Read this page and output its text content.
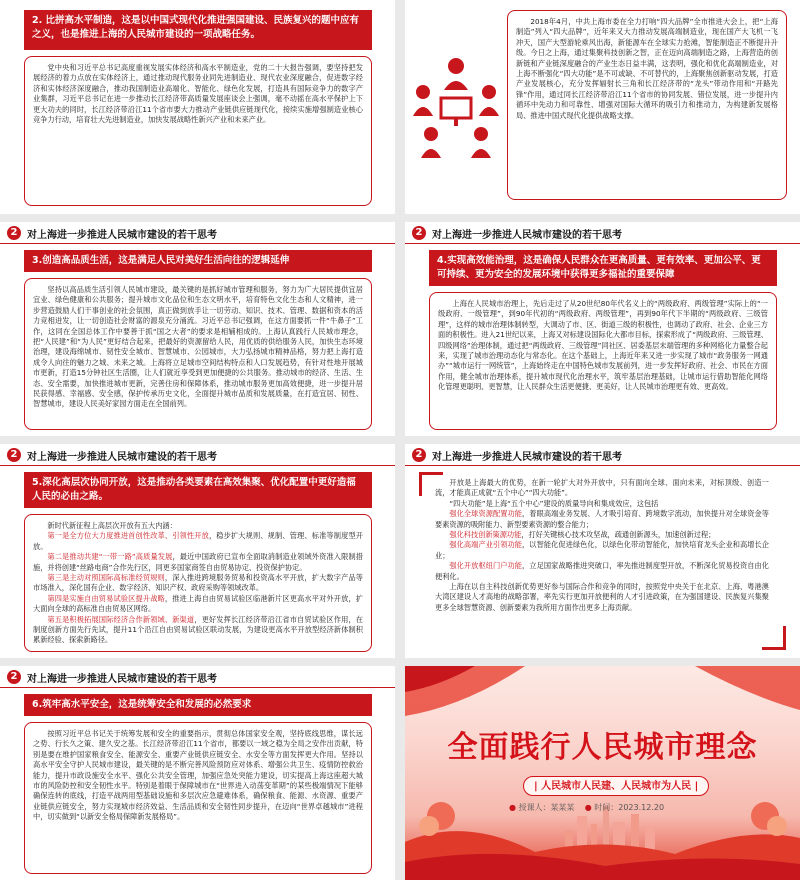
2. 比拼高水平制造，这是以中国式现代化推进强国建设、民族复兴的题中应有之义，也是推进上海的人民城市建设的一项战略任务。

党中央和习近平总书记高度重视发展实体经济和高水平制造业，党的二十大报告强调，要坚持把发展经济的着力点放在实体经济上，通过推动现代服务业同先进制造业、现代农业深度融合，促进数字经济和实体经济深度融合，推动我国制造业高端化、智能化、绿色化发展，打造具有国际竞争力的数字产业集群，习近平总书记在进一步推动长江经济带高质量发展座谈会上强调，毫不动摇在高水平保护上下更大功夫的同时，长江经济带沿江11个省市要大力推动产业链供应链现代化，接续实施增强制造业核心竞争力行动，培育壮大先进制造业，加快发展战略性新兴产业和未来产业。

2018年4月，中共上海市委在全力打响“四大品牌”全市推进大会上，把“上海制造”列入“四大品牌”，近年来又大力推动发展高端制造业，现在国产大飞机一飞冲天，国产大型游轮乘风出海，新能源车在全球实力抢滩，智能制造正不断提升升级。今日之上海，通过集聚科技创新之智，正在迈向高端制造之路，上海营造的创新链和产业链深度融合的产业生态日益丰满，这表明，强化和优化高端制造业，对上海不断强化“四大功能”是不可或缺、不可替代的，上海聚焦创新驱动发展，打造产业发展核心，充分发挥辐射长三角和长江经济带的“龙头”带动作用和“开路先锋”作用，通过同长江经济带沿江11个省市的协同发展、错位发展，进一步提升内循环中先动力和可靠性、增强对国际大循环的吸引力和推动力，为构建新发展格局、推进中国式现代化提供战略支撑。

2 对上海进一步推进人民城市建设的若干思考
3.创造高品质生活，这是满足人民对美好生活向往的逻辑延伸

坚持以高品质生活引领人民城市建设，最关键的是抓好城市管理和服务，努力为广大居民提供宜居宜业、绿色健康和公共服务；提升城市文化品位和生态文明水平，培育特色文化生态和人文精神，进一步营造鼓励人们干事创业的社会氛围，真正做到放手让一切劳动、知识、技术、管理、数据和资本的活力竞相迸发，让一切创造社会财富的源泉充分涌流。习近平总书记强调，在这方面要抓一件“牛鼻子”工作，这同在全国总体工作中要善于抓“国之大者”的要求是相辅相成的。上海认真践行人民城市理念，把“人民建”和“为人民”更好结合起来，把最好的资源留给人民，用优质的供给服务人民，加快生态环境治理，建设海绵城市、韧性安全城市、智慧城市、公园城市，大力弘扬城市精神品格，努力把上海打造成令人向往的魅力之城、未来之城。上海将立足城市空间结构特点和人口发展趋势，有针对性地开展城市更新，打造15分钟社区生活圈，让人们就近享受到更加便捷的公共服务。推动城市的经济、生活、生态、安全需要，加快推进城市更新，完善住房和保障体系，推动城市服务更加高效便捷，进一步提升居民获得感、幸福感、安全感，保护传承历史文化，全面提升城市品质和发展质量，在打造宜居、韧性、智慧城市，建设人民美好家园方面走在全国前列。

2 对上海进一步推进人民城市建设的若干思考
4.实现高效能治理，这是确保人民群众在更高质量、更有效率、更加公平、更可持续、更为安全的发展环境中获得更多福祉的重要保障

上海在人民城市治理上，先后走过了从20世纪80年代名义上的“两级政府、两级管理”实际上的“一级政府、一级管理”，到90年代初的“两级政府、两级管理”，再到90年代下半期的“两级政府、三级管理”，这样的城市治理体制转型，大调动了市、区、街道三级的积极性，也调动了政府、社会、企业三方面的积极性。进入21世纪以来，上海又对标建设国际化大都市目标，探索形成了“两级政府、三级管理、四级网络”治理体制，通过把“两级政府、三级管理”同社区、居委基层末端管理的多种网格化力量整合起来，实现了城市治理动态化与常态化。在这个基础上，上海近年来又进一步实现了城市“政务服务一网通办”“城市运行一网统管”，上海始终走在中国特色城市发展前列，进一步发挥好政府、社会、市民在方面作用，健全城市治理体系，提升城市现代化治理水平，筑牢基层治理基础，让城市运行借助智能化网络化管理更聪明、更智慧，让人民群众生活更便捷、更美好，让人民城市治理更有效、更高效。

2 对上海进一步推进人民城市建设的若干思考
5.深化高层次协同开放，这是推动各类要素在高效集聚、优化配置中更好造福人民的必由之路。

新时代新征程上高层次开放有五大内涵：

第一是全方位大力度推进首创性改革、引领性开放，稳步扩大规则、规制、管理、标准等制度型开放。

第二是推动共建“一带一路”高质量发展，最近中国政府已宣布全面取消制造业领域外资准入限制措施，并将创建“丝路电商”合作先行区，同更多国家商签自由贸易协定、投资保护协定。

第三是主动对照国际高标准经贸规则，深入推进跨境服务贸易和投资高水平开放，扩大数字产品等市场准入，深化国有企业、数字经济、知识产权、政府采购等领域改革。

第四是实施自由贸易试验区提升战略，推进上海自由贸易试验区临港新片区更高水平对外开放，扩大面向全球的高标准自由贸易区网络。

第五是积极拓展国际经济合作新领域、新渠道，更好发挥长江经济带沿江省市自贸试验区作用，在制度创新方面先行先试，提升11个沿江自由贸易试验区联动发展，为建设更高水平开放型经济新体制积累新经验、探索新路径。

2 对上海进一步推进人民城市建设的若干思考

开放是上海最大的优势，在新一轮扩大对外开放中，只有面向全球、面向未来，对标顶级、创造一流，才能真正成就“五个中心”“四大功能”。

“四大功能”是上海“五个中心”建设的质量导向和集成效应，这包括

强化全球资源配置功能，着眼高端业务发展、人才吸引培育、跨境数字流动，加快提升对全球资金等要素资源的吸附能力、新型要素资源的整合能力；

强化科技创新策源功能，打好关键核心技术攻坚战，疏通创新源头，加速创新过程；

强化高端产业引领功能，以智能化促进绿色化，以绿色化带动智能化，加快培育龙头企业和高增长企业；

强化开放枢纽门户功能，立足国家战略推进突破口，率先推进制度型开放，不断深化贸易投资自由化便利化。

上海在以自主科技创新优势更好参与国际合作和竞争的同时，按照党中央关于在北京、上海、粤港澳大湾区建设人才高地的战略部署，率先实行更加开放便利的人才引进政策，在为强国建设、民族复兴集聚更多全球智慧资源、创新要素为我所用方面作出更多上海贡献。

2 对上海进一步推进人民城市建设的若干思考
6.筑牢高水平安全，这是统筹安全和发展的必然要求

按照习近平总书记关于统筹发展和安全的重要指示，贯彻总体国家安全观，坚持底线思维，谋长远之势、行长久之策、建久安之基。长江经济带沿江11个省市，都要以一域之稳为全局之安作出贡献，特别是要在维护国家粮食安全、能源安全、重要产业链供应链安全、水安全等方面发挥更大作用。坚持以高水平安全守护人民城市建设，最关键的是不断完善风险预防应对体系、增强公共卫生、疫情防控救治能力，提升市政设施安全水平、强化公共安全管理，加强应急处突能力建设，切实提高上海这座超大城市的风险防控和安全韧性水平。特别是着眼于保障城市在“世界进入动荡变革期”的某些极端情况下能够确保连转的底线，打造平战两用型基础设施和多层次应急避难体系，确保粮食、能源、水资源、重要产业链供应链安全，努力实现城市经济效益、生活品质和安全韧性同步提升，在迈向“世界卓越城市”进程中，切实做到“以新安全格局保障新发展格局”。

全面践行人民城市理念
| 人民城市人民建、人民城市为人民 |
● 授课人：某某某 ● 时间：2023.12.20
